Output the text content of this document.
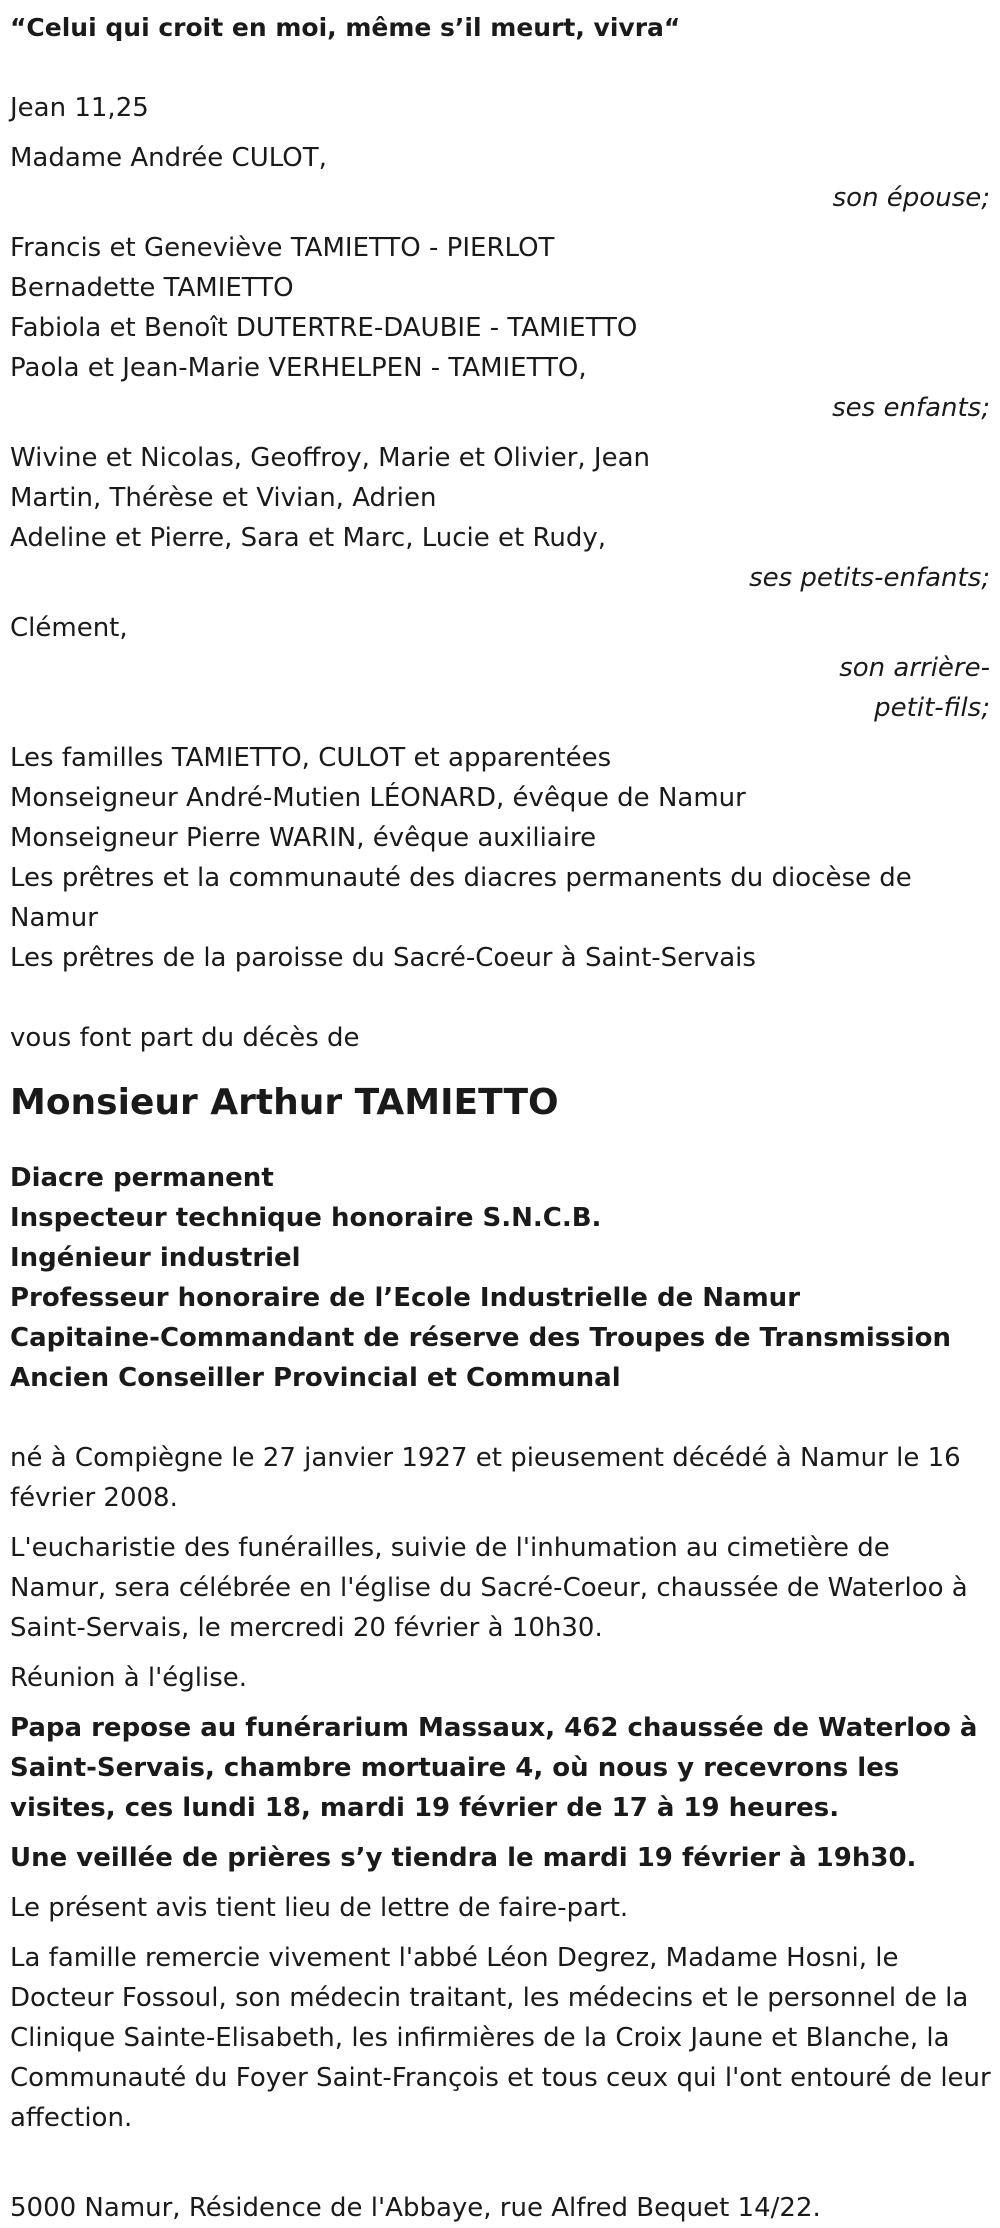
“Celui qui croit en moi, même s’il meurt, vivra“

Jean 11,25

Madame Andrée CULOT,

son épouse;

Francis et Geneviève TAMIETTO - PIERLOT

Bernadette TAMIETTO

Fabiola et Benoît DUTERTRE-DAUBIE - TAMIETTO

Paola et Jean-Marie VERHELPEN - TAMIETTO,

ses enfants;

Wivine et Nicolas, Geoffroy, Marie et Olivier, Jean

Martin, Thérèse et Vivian, Adrien

Adeline et Pierre, Sara et Marc, Lucie et Rudy,

ses petits-enfants;

Clément,

son arrière-petit-fils;

Les familles TAMIETTO, CULOT et apparentées

Monseigneur André-Mutien LÉONARD, évêque de Namur

Monseigneur Pierre WARIN, évêque auxiliaire

Les prêtres et la communauté des diacres permanents du diocèse de Namur

Les prêtres de la paroisse du Sacré-Coeur à Saint-Servais

vous font part du décès de

Monsieur Arthur TAMIETTO

Diacre permanent

Inspecteur technique honoraire S.N.C.B.

Ingénieur industriel

Professeur honoraire de l’Ecole Industrielle de Namur

Capitaine-Commandant de réserve des Troupes de Transmission

Ancien Conseiller Provincial et Communal

né à Compiègne le 27 janvier 1927 et pieusement décédé à Namur le 16 février 2008.

L'eucharistie des funérailles, suivie de l'inhumation au cimetière de Namur, sera célébrée en l'église du Sacré-Coeur, chaussée de Waterloo à Saint-Servais, le mercredi 20 février à 10h30.

Réunion à l'église.

Papa repose au funérarium Massaux, 462 chaussée de Waterloo à Saint-Servais, chambre mortuaire 4, où nous y recevrons les visites, ces lundi 18, mardi 19 février de 17 à 19 heures.

Une veillée de prières s’y tiendra le mardi 19 février à 19h30.

Le présent avis tient lieu de lettre de faire-part.

La famille remercie vivement l'abbé Léon Degrez, Madame Hosni, le Docteur Fossoul, son médecin traitant, les médecins et le personnel de la Clinique Sainte-Elisabeth, les infirmières de la Croix Jaune et Blanche, la Communauté du Foyer Saint-François et tous ceux qui l'ont entouré de leur affection.

5000 Namur, Résidence de l'Abbaye, rue Alfred Bequet 14/22.
